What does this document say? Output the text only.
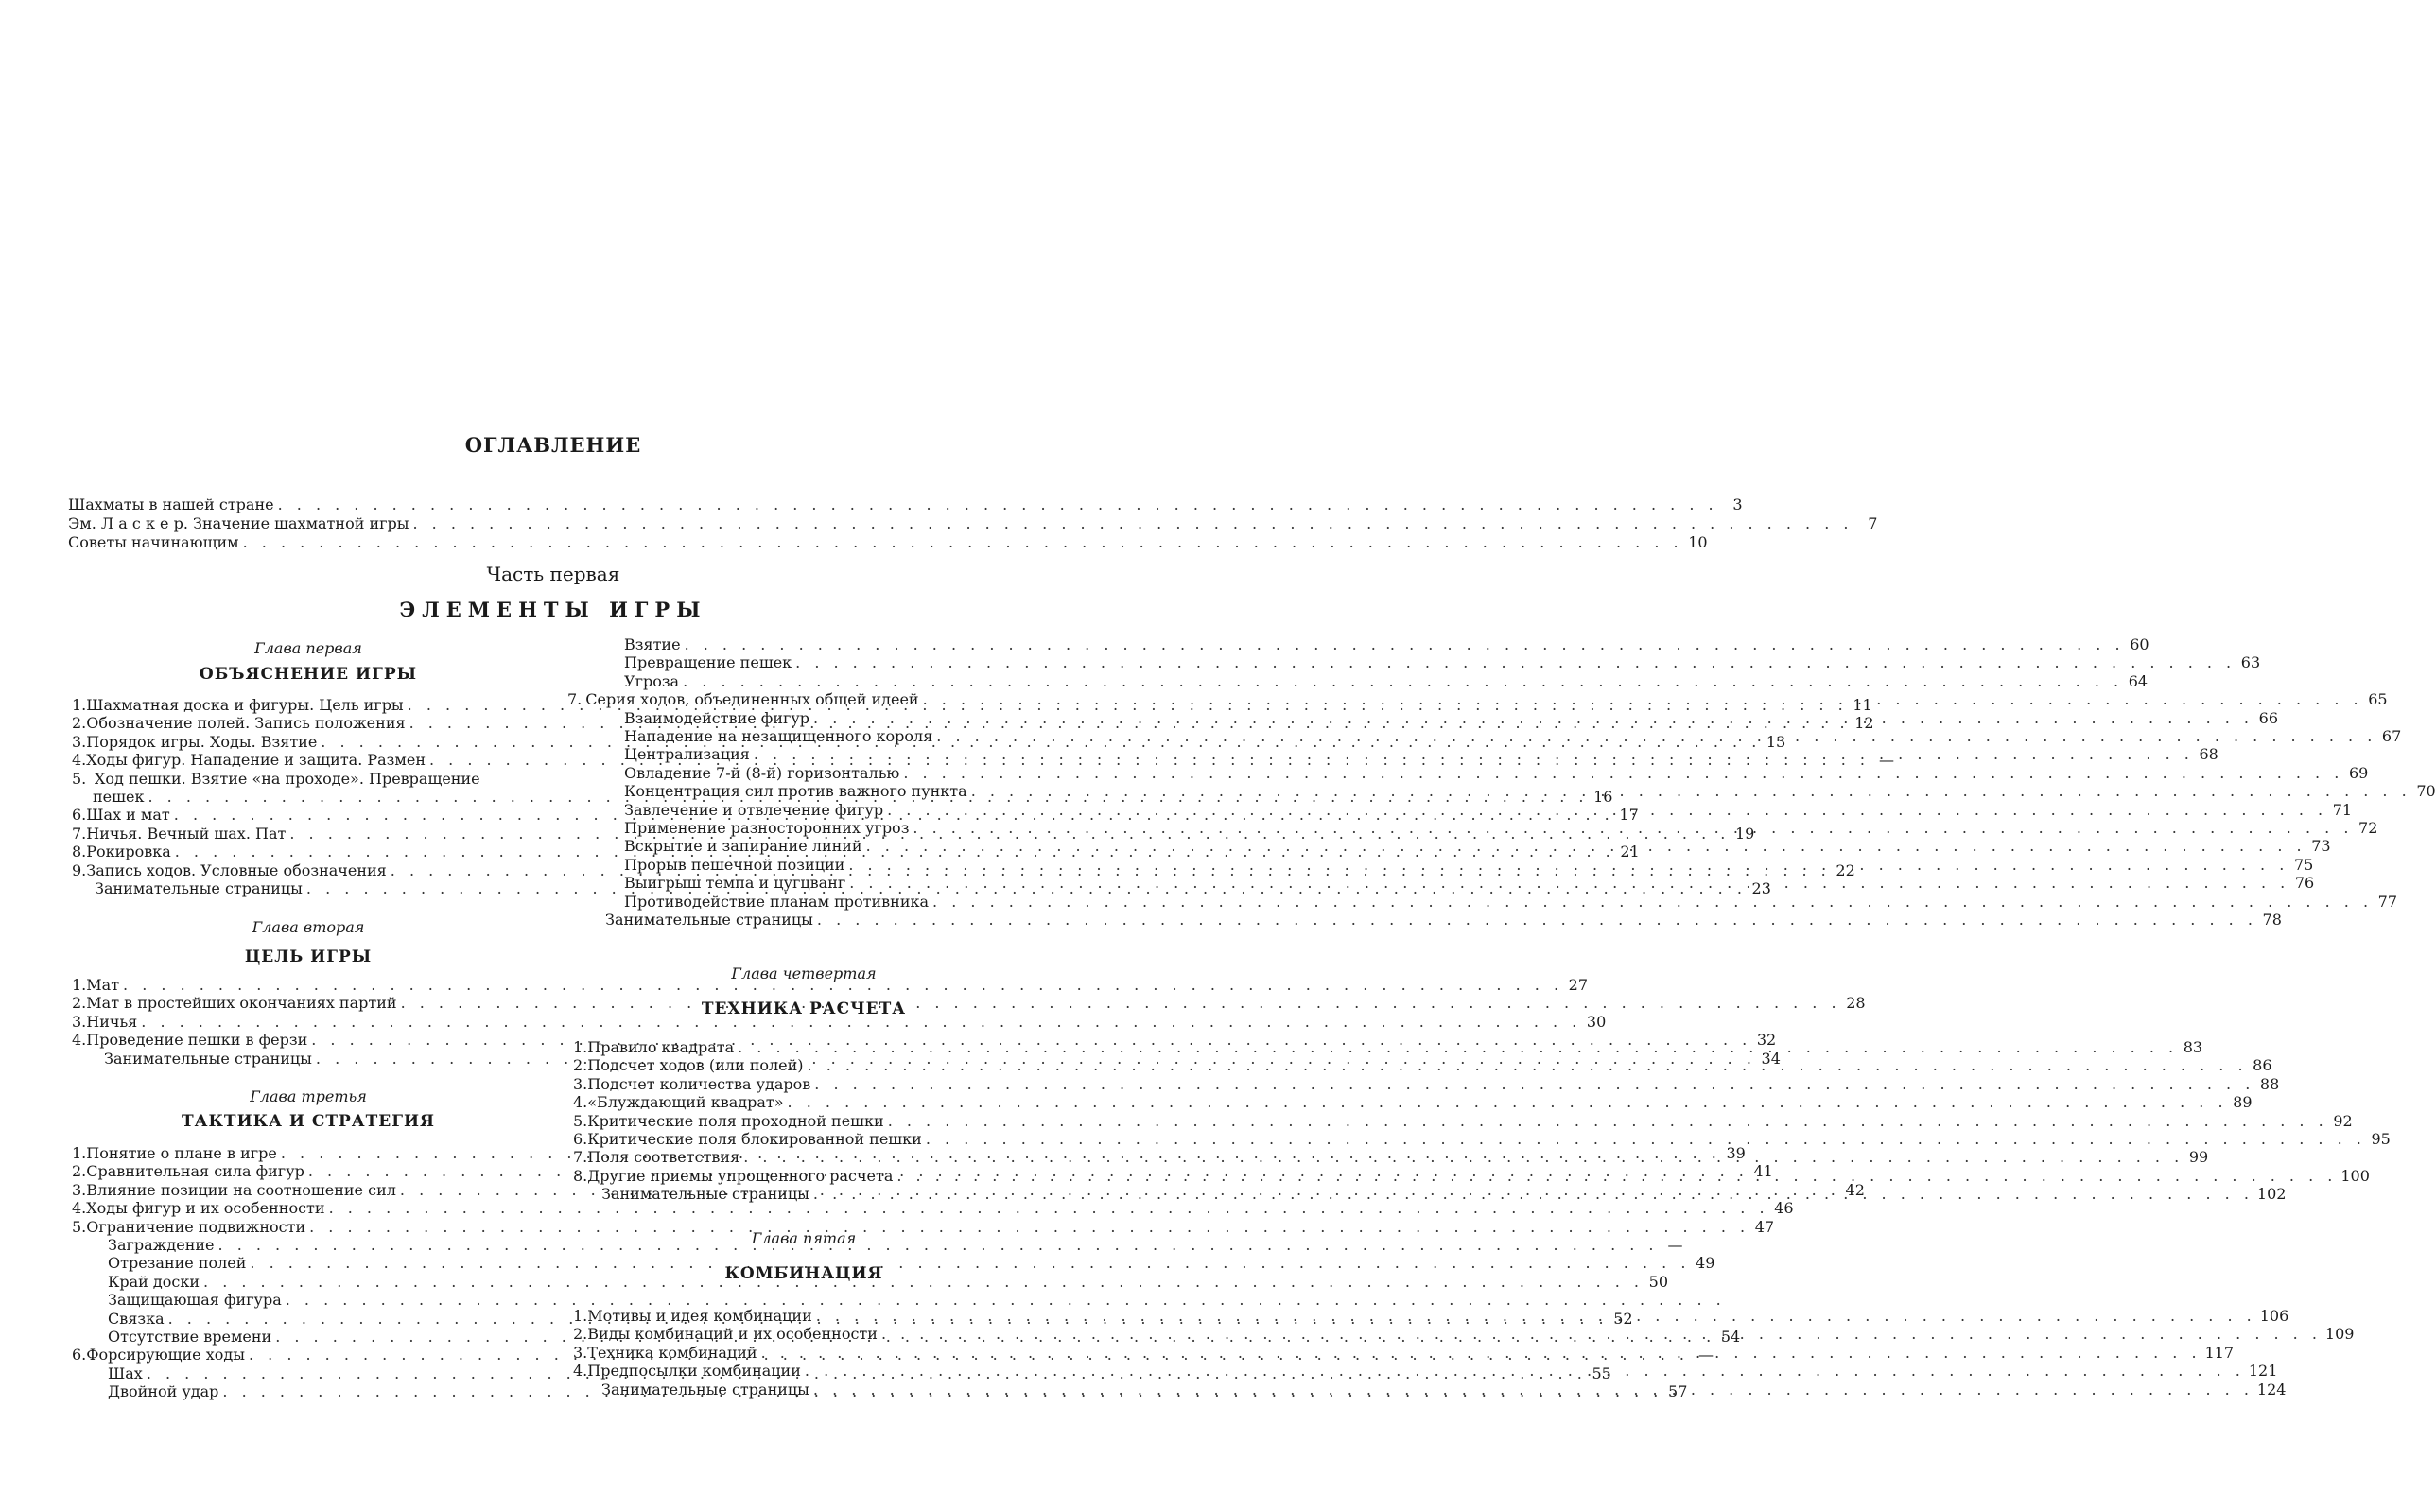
ОГЛАВЛЕНИЕ
Шахматы в нашей стране . . .	3
Эм. Л а с к е р. Значение шахматной игры . . .	7
Советы начинающим . . .	10
Часть первая
ЭЛЕМЕНТЫ ИГРЫ
Глава первая
ОБЪЯСНЕНИЕ ИГРЫ
1. Шахматная доска и фигуры. Цель игры . . .	11
2. Обозначение полей. Запись положения . . .	12
3. Порядок игры. Ходы. Взятие . . .	13
4. Ходы фигур. Нападение и защита. Размен . . .	—
5. Ход пешки. Взятие «на проходе». Превращение
пешек . . .	16
6. Шах и мат . . .	17
7. Ничья. Вечный шах. Пат . . .	19
8. Рокировка . . .	21
9. Запись ходов. Условные обозначения . . .	22
Занимательные страницы . . .	23
Глава вторая
ЦЕЛЬ ИГРЫ
1. Мат . . .	27
2. Мат в простейших окончаниях партий . . .	28
3. Ничья . . .	30
4. Проведение пешки в ферзи . . .	32
Занимательные страницы . . .	34
Глава третья
ТАКТИКА И СТРАТЕГИЯ
1. Понятие о плане в игре . . .	39
2. Сравнительная сила фигур . . .	41
3. Влияние позиции на соотношение сил . . .	42
4. Ходы фигур и их особенности . . .	46
5. Ограничение подвижности . . .	47
Заграждение . . .	—
Отрезание полей . . .	49
Край доски . . .	50
Защищающая фигура
. . .
Связка . . .	52
Отсутствие времени . . .	54
6. Форсирующие ходы . . .	—
Шах . . .	55
Двойной удар . . .	57
Взятие . . .	60
Превращение пешек . . .	63
Угроза . . .	64
7. Серия ходов, объединенных общей идеей . . .	65
Взаимодействие фигур . . .	66
Нападение на незащищенного короля . . .	67
Централизация . . .	68
Овладение 7-й (8-й) горизонталью . . .	69
Концентрация сил против важного пункта . . .	70
Завлечение и отвлечение фигур . . .	71
Применение разносторонних угроз . . .	72
Вскрытие и запирание линий . . .	73
Прорыв пешечной позиции . . .	75
Выигрыш темпа и цугцванг . . .	76
Противодействие планам противника . . .	77
Занимательные страницы . . .	78
Глава четвертая
ТЕХНИКА РАСЧЕТА
1. Правило квадрата . . .	83
2. Подсчет ходов (или полей) . . .	86
3. Подсчет количества ударов . . .	88
4. «Блуждающий квадрат» . . .	89
5. Критические поля проходной пешки . . .	92
6. Критические поля блокированной пешки . . .	95
7. Поля соответствия . . .	99
8. Другие приемы упрощенного расчета . . .	100
Занимательные страницы . . .	102
Глава пятая
КОМБИНАЦИЯ
1. Мотивы и идея комбинации . . .	106
2. Виды комбинаций и их особенности . . .	109
3. Техника комбинаций . . .	117
4. Предпосылки комбинации . . .	121
Занимательные страницы . . .	124
